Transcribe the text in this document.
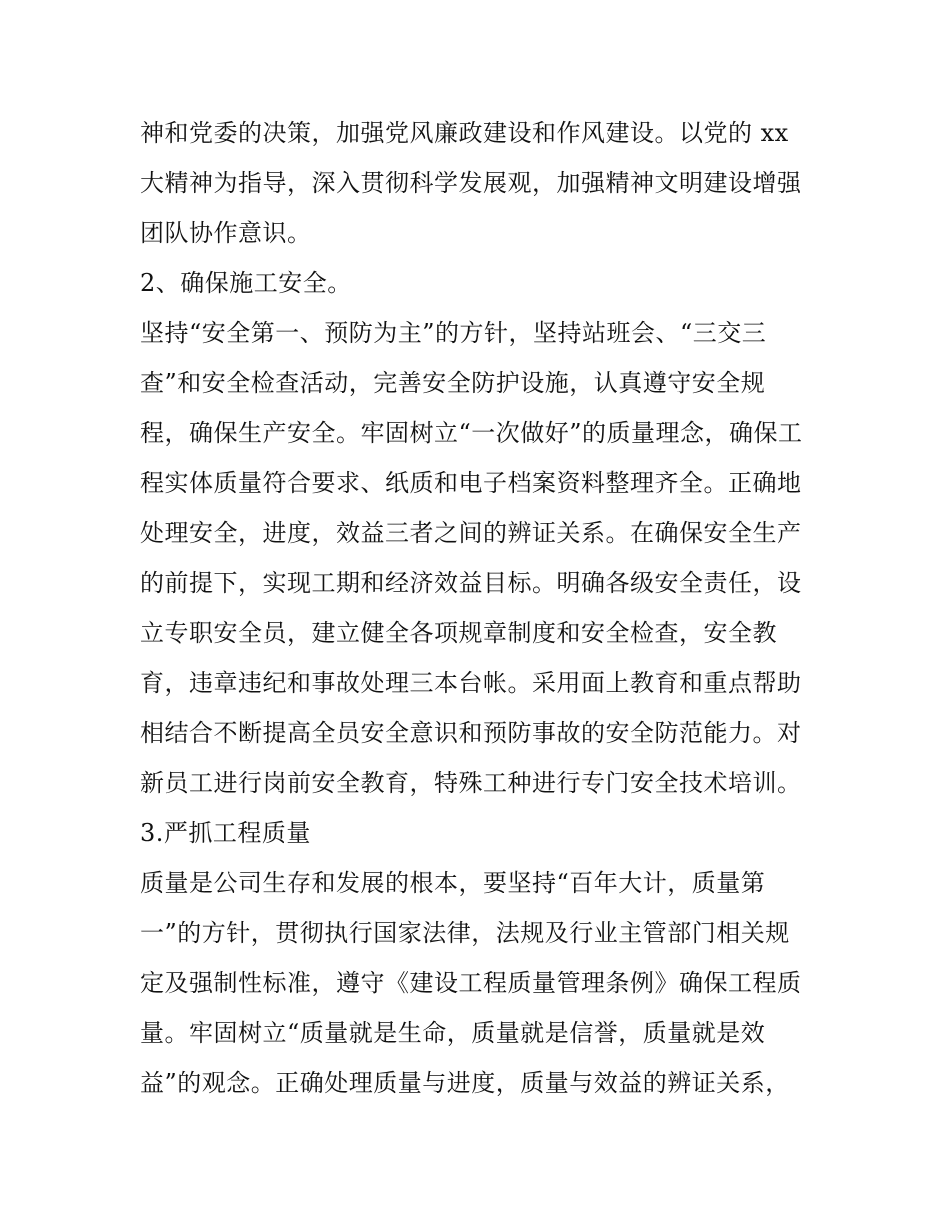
神和党委的决策，加强党风廉政建设和作风建设。以党的 xx
大精神为指导，深入贯彻科学发展观，加强精神文明建设增强
团队协作意识。
2、确保施工安全。
坚持“安全第一、预防为主”的方针，坚持站班会、“三交三
查”和安全检查活动，完善安全防护设施，认真遵守安全规
程，确保生产安全。牢固树立“一次做好”的质量理念，确保工
程实体质量符合要求、纸质和电子档案资料整理齐全。正确地
处理安全，进度，效益三者之间的辨证关系。在确保安全生产
的前提下，实现工期和经济效益目标。明确各级安全责任，设
立专职安全员，建立健全各项规章制度和安全检查，安全教
育，违章违纪和事故处理三本台帐。采用面上教育和重点帮助
相结合不断提高全员安全意识和预防事故的安全防范能力。对
新员工进行岗前安全教育，特殊工种进行专门安全技术培训。
3.严抓工程质量
质量是公司生存和发展的根本，要坚持“百年大计，质量第
一”的方针，贯彻执行国家法律，法规及行业主管部门相关规
定及强制性标准，遵守《建设工程质量管理条例》确保工程质
量。牢固树立“质量就是生命，质量就是信誉，质量就是效
益”的观念。正确处理质量与进度，质量与效益的辨证关系，
